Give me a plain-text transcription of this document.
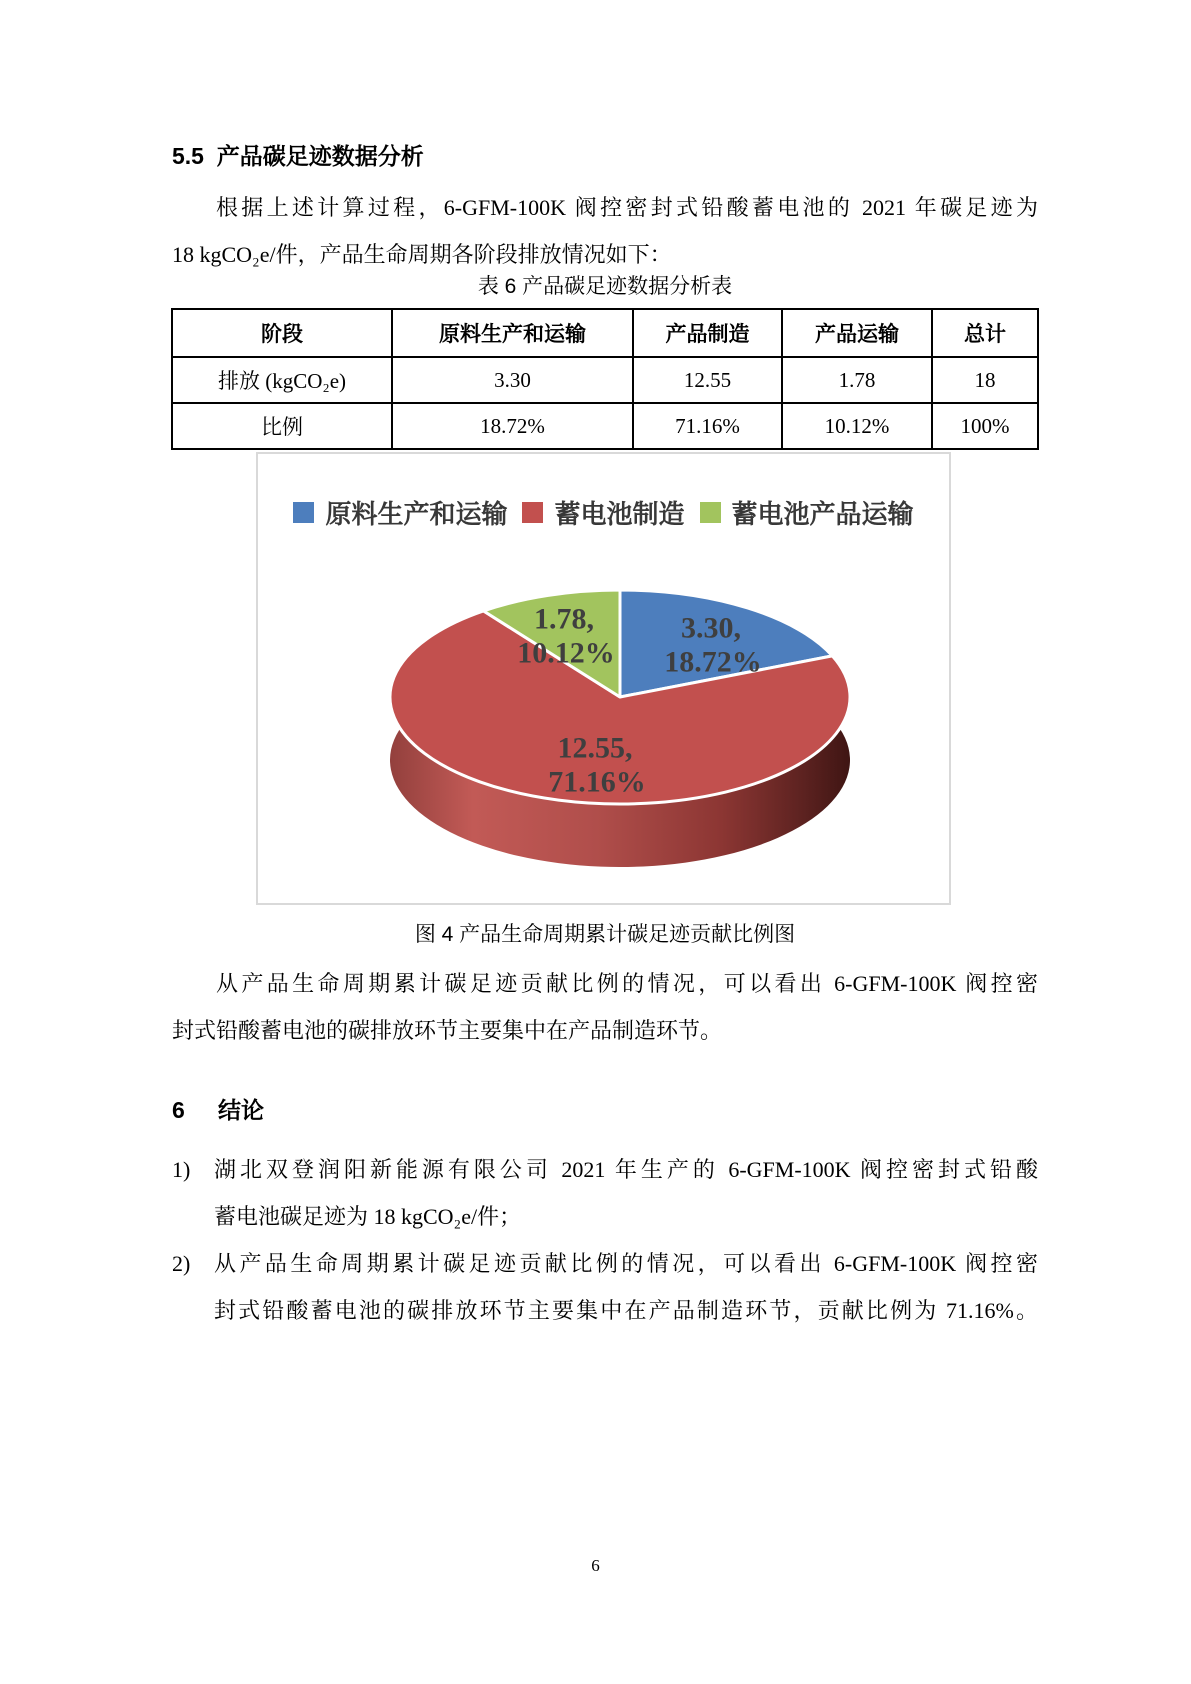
5.5 产品碳足迹数据分析
根据上述计算过程，6-GFM-100K 阀控密封式铅酸蓄电池的 2021 年碳足迹为
18 kgCO₂e/件，产品生命周期各阶段排放情况如下：
表 6 产品碳足迹数据分析表
阶段	原料生产和运输	产品制造	产品运输	总计
排放 (kgCO₂e)	3.30	12.55	1.78	18
比例	18.72%	71.16%	10.12%	100%
原料生产和运输 蓄电池制造 蓄电池产品运输
3.30,
18.72%
12.55,
71.16%
1.78,
10.12%
图 4 产品生命周期累计碳足迹贡献比例图
从产品生命周期累计碳足迹贡献比例的情况，可以看出 6-GFM-100K 阀控密
封式铅酸蓄电池的碳排放环节主要集中在产品制造环节。
6 结论
1)	湖北双登润阳新能源有限公司 2021 年生产的 6-GFM-100K 阀控密封式铅酸
蓄电池碳足迹为 18 kgCO₂e/件；
2)	从产品生命周期累计碳足迹贡献比例的情况，可以看出 6-GFM-100K 阀控密
封式铅酸蓄电池的碳排放环节主要集中在产品制造环节，贡献比例为 71.16%。
6
